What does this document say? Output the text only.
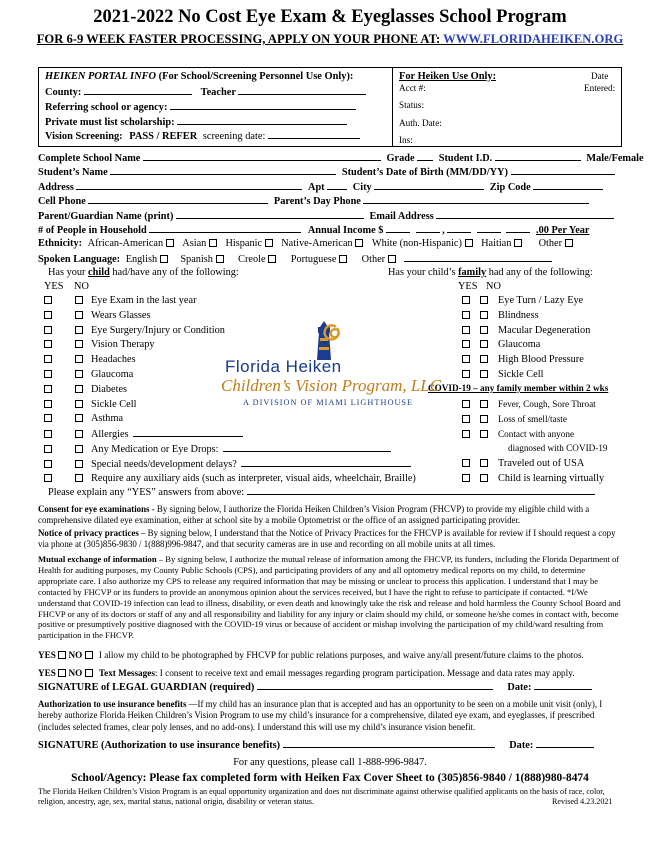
2021-2022 No Cost Eye Exam & Eyeglasses School Program
FOR 6-9 WEEK FASTER PROCESSING, APPLY ON YOUR PHONE AT: WWW.FLORIDAHEIKEN.ORG
HEIKEN PORTAL INFO (For School/Screening Personnel Use Only):
County:	Teacher
Referring school or agency:
Private must list scholarship:
Vision Screening: PASS / REFER screening date:
For Heiken Use Only:	Date
Acct #:	Entered:
Status:
Auth. Date:
Ins:
Complete School Name	Grade Student I.D.	Male/Female
Student’s Name	Student’s Date of Birth (MM/DD/YY)
Address	Apt	City	Zip Code
Cell Phone	Parent’s Day Phone
Parent/Guardian Name (print)	Email Address
# of People in Household	Annual Income $	,	.00 Per Year
Ethnicity: African-American Asian Hispanic Native-American White (non-Hispanic) Haitian	Other
Spoken Language: English Spanish Creole Portuguese Other
Has your child had/have any of the following:
YES NO
Eye Exam in the last year
Wears Glasses
Eye Surgery/Injury or Condition
Vision Therapy
Headaches
Glaucoma
Diabetes
Sickle Cell
Asthma
Allergies
Any Medication or Eye Drops:
Special needs/development delays?
Require any auxiliary aids (such as interpreter, visual aids, wheelchair, Braille)
Please explain any “YES” answers from above:
Has your child’s family had any of the following:
YES NO
Eye Turn / Lazy Eye
Blindness
Macular Degeneration
Glaucoma
High Blood Pressure
Sickle Cell
COVID-19 – any family member within 2 wks
Fever, Cough, Sore Throat
Loss of smell/taste
Contact with anyone
diagnosed with COVID-19
Traveled out of USA
Child is learning virtually
Florida Heiken
Children’s Vision Program, LLC
A DIVISION OF MIAMI LIGHTHOUSE
Consent for eye examinations - By signing below, I authorize the Florida Heiken Children’s Vision Program (FHCVP) to provide my eligible child with a comprehensive dilated eye examination, either at school site by a mobile Optometrist or the office of an assigned participating provider.
Notice of privacy practices – By signing below, I understand that the Notice of Privacy Practices for the FHCVP is available for review if I should request a copy via phone at (305)856-9830 / 1(888)996-9847, and that security cameras are in use and recording on all mobile units at all times.
Mutual exchange of information – By signing below, I authorize the mutual release of information among the FHCVP, its funders, including the Florida Department of Health for auditing purposes, my County Public Schools (CPS), and participating providers of any and all optometry medical reports on my child, to determine appropriate care. I also authorize my CPS to release any required information that may be missing or unclear to process this application. I understand that I may be contacted by FHCVP or its funders to provide an anonymous opinion about the services received, but I have the right to refuse to participate if contacted. *I/We understand that COVID-19 infection can lead to illness, disability, or even death and knowingly take the risk and release and hold harmless the County School Board and FHCVP or any of its doctors or staff of any and all responsibility and liability for any injury or claim should my child, or someone he/she comes in contact with, become positive or presumptively positive diagnosed with the COVID-19 virus or because of accident or mishap involving the participation of my child/ward resulting from participation in the FHCVP.
YES NO I allow my child to be photographed by FHCVP for public relations purposes, and waive any/all present/future claims to the photos.
YES NO Text Messages: I consent to receive text and email messages regarding program participation. Message and data rates may apply.
SIGNATURE of LEGAL GUARDIAN (required)	Date:
Authorization to use insurance benefits —If my child has an insurance plan that is accepted and has an opportunity to be seen on a mobile unit visit (only), I hereby authorize Florida Heiken Children’s Vision Program to use my child’s insurance for a comprehensive, dilated eye exam, and eyeglasses, if prescribed (includes selected frames, clear poly lenses, and no add-ons). I understand this will use my child’s insurance vision benefit.
SIGNATURE (Authorization to use insurance benefits)	Date:
For any questions, please call 1-888-996-9847.
School/Agency: Please fax completed form with Heiken Fax Cover Sheet to (305)856-9840 / 1(888)980-8474
The Florida Heiken Children’s Vision Program is an equal opportunity organization and does not discriminate against otherwise qualified applicants on the basis of race, color, religion, ancestry, age, sex, marital status, national origin, disability or veteran status.	Revised 4.23.2021
